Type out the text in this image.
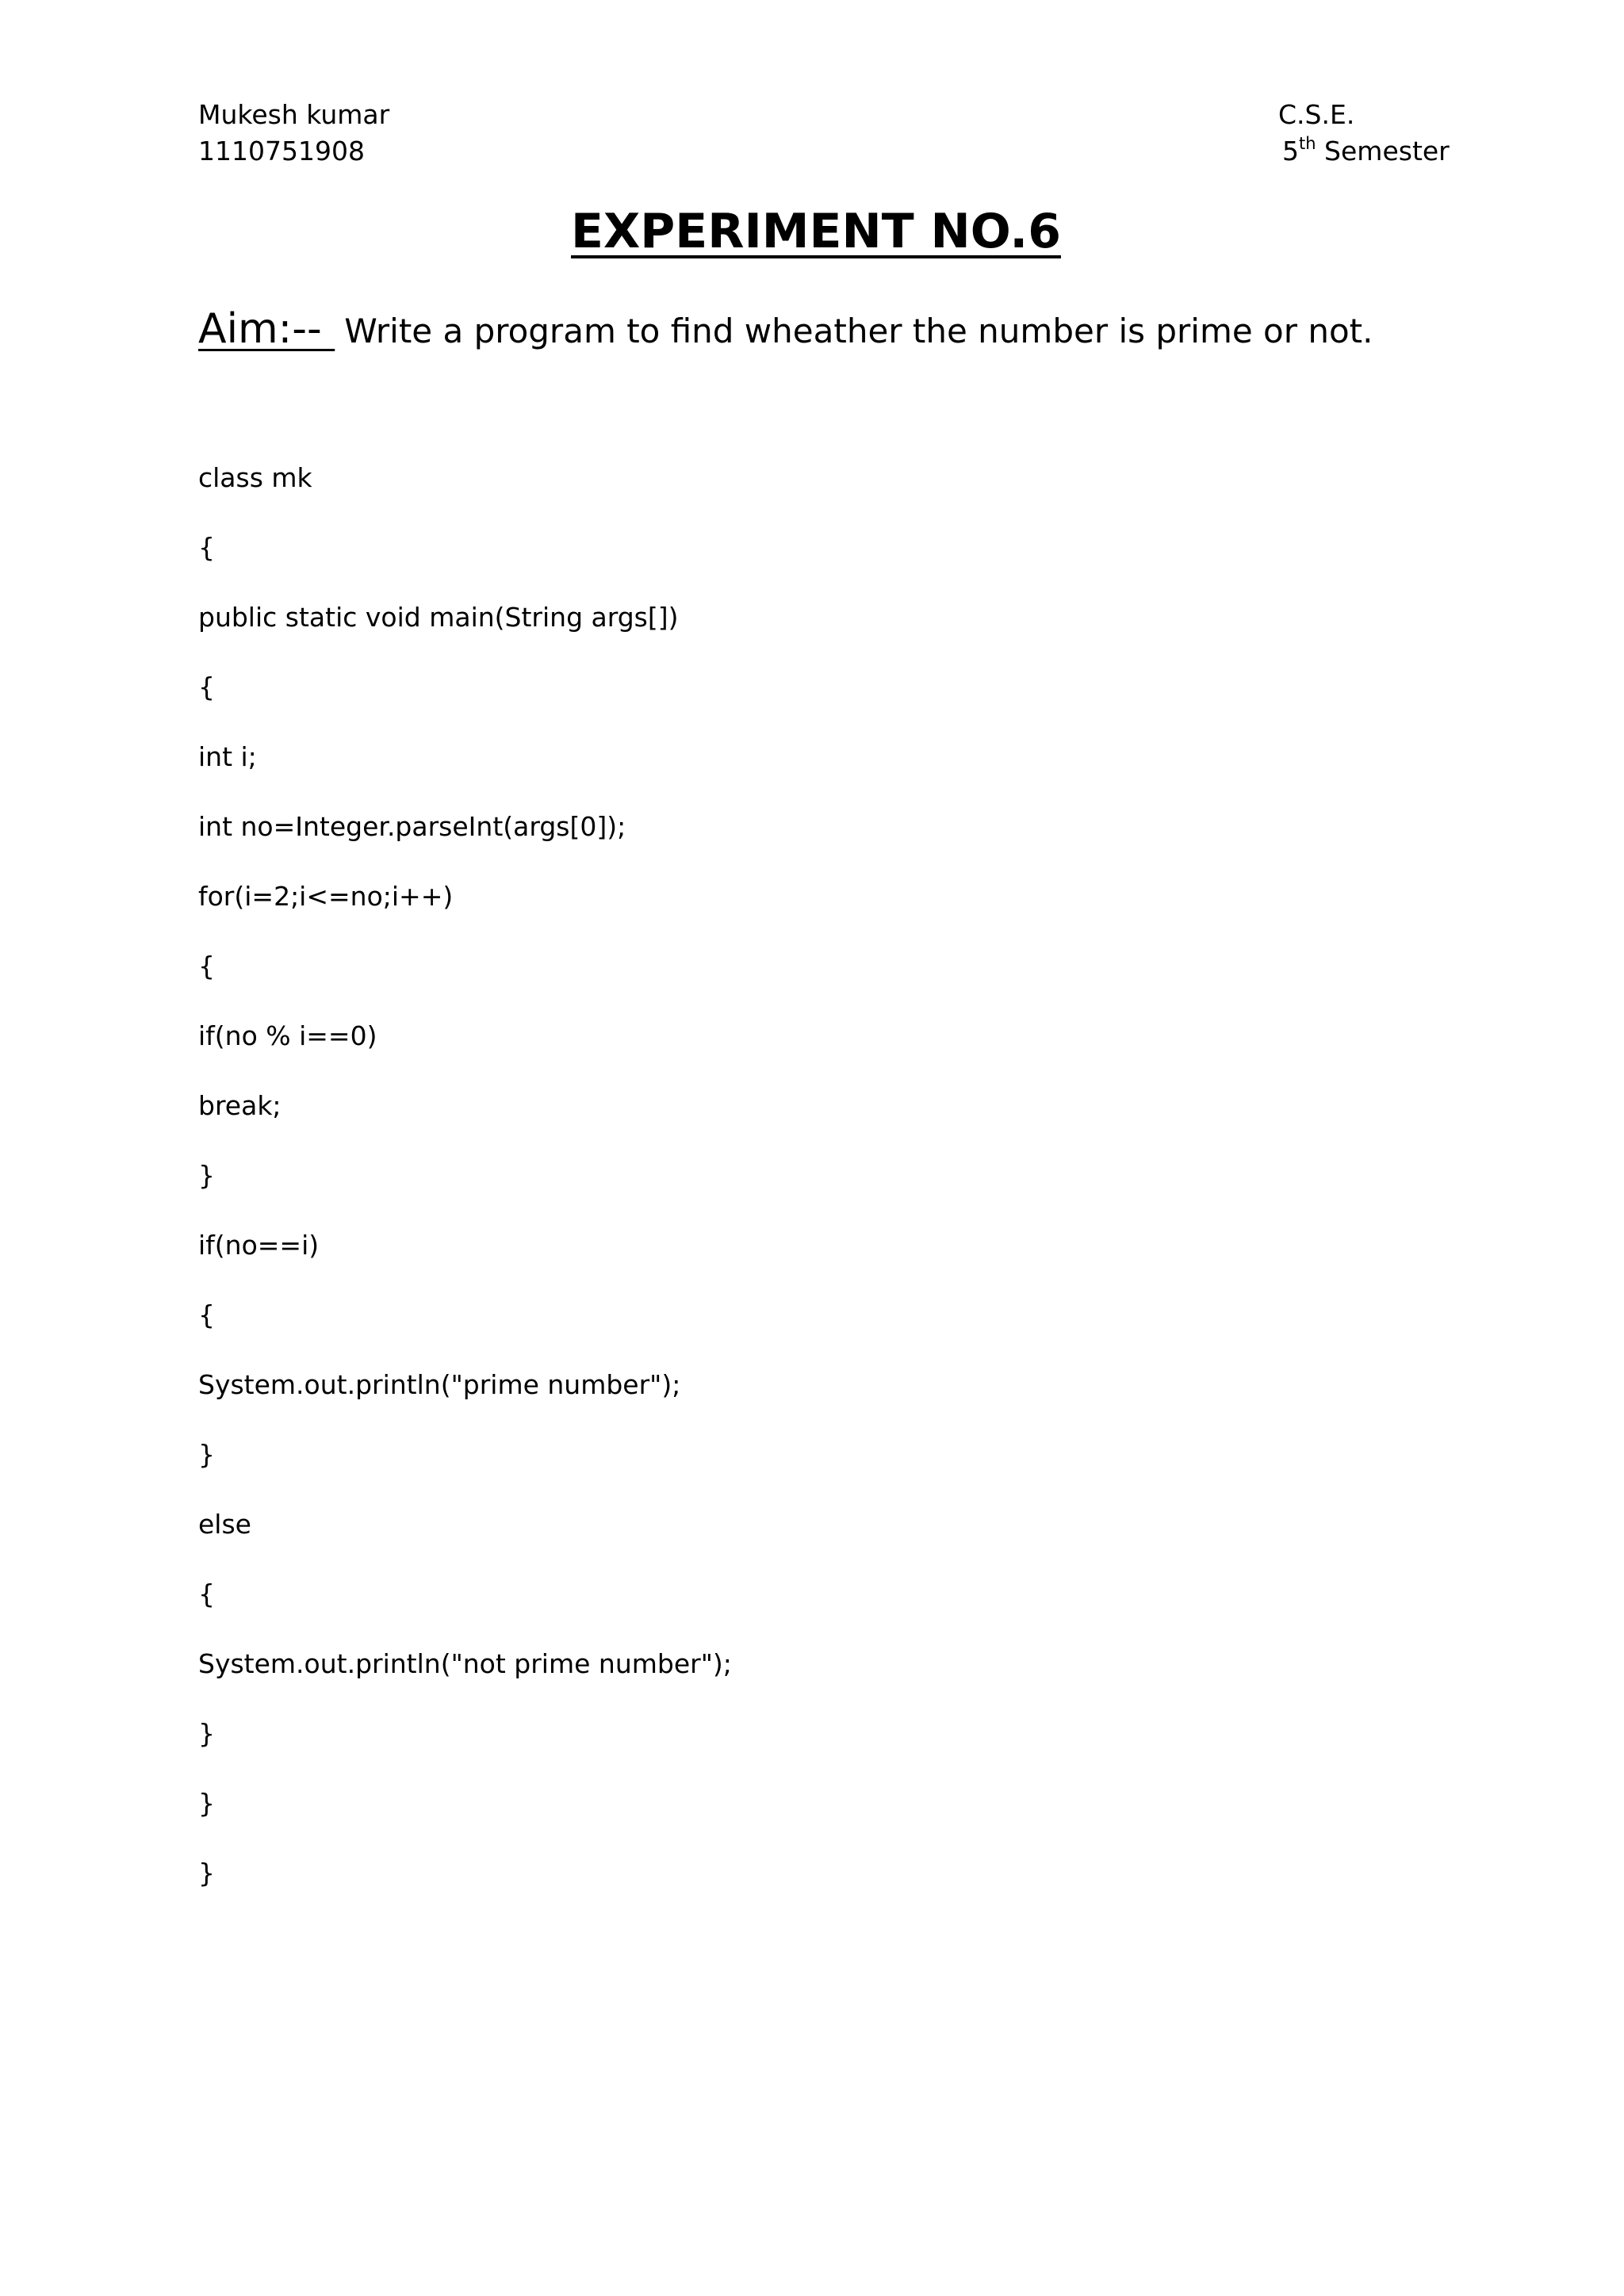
Mukesh kumar
1110751908
C.S.E.
5th Semester
EXPERIMENT NO.6
Aim:-- Write a program to find wheather the number is prime or not.
class mk
{
public static void main(String args[])
{
int i;
int no=Integer.parseInt(args[0]);
for(i=2;i<=no;i++)
{
if(no % i==0)
break;
}
if(no==i)
{
System.out.println("prime number");
}
else
{
System.out.println("not prime number");
}
}
}
